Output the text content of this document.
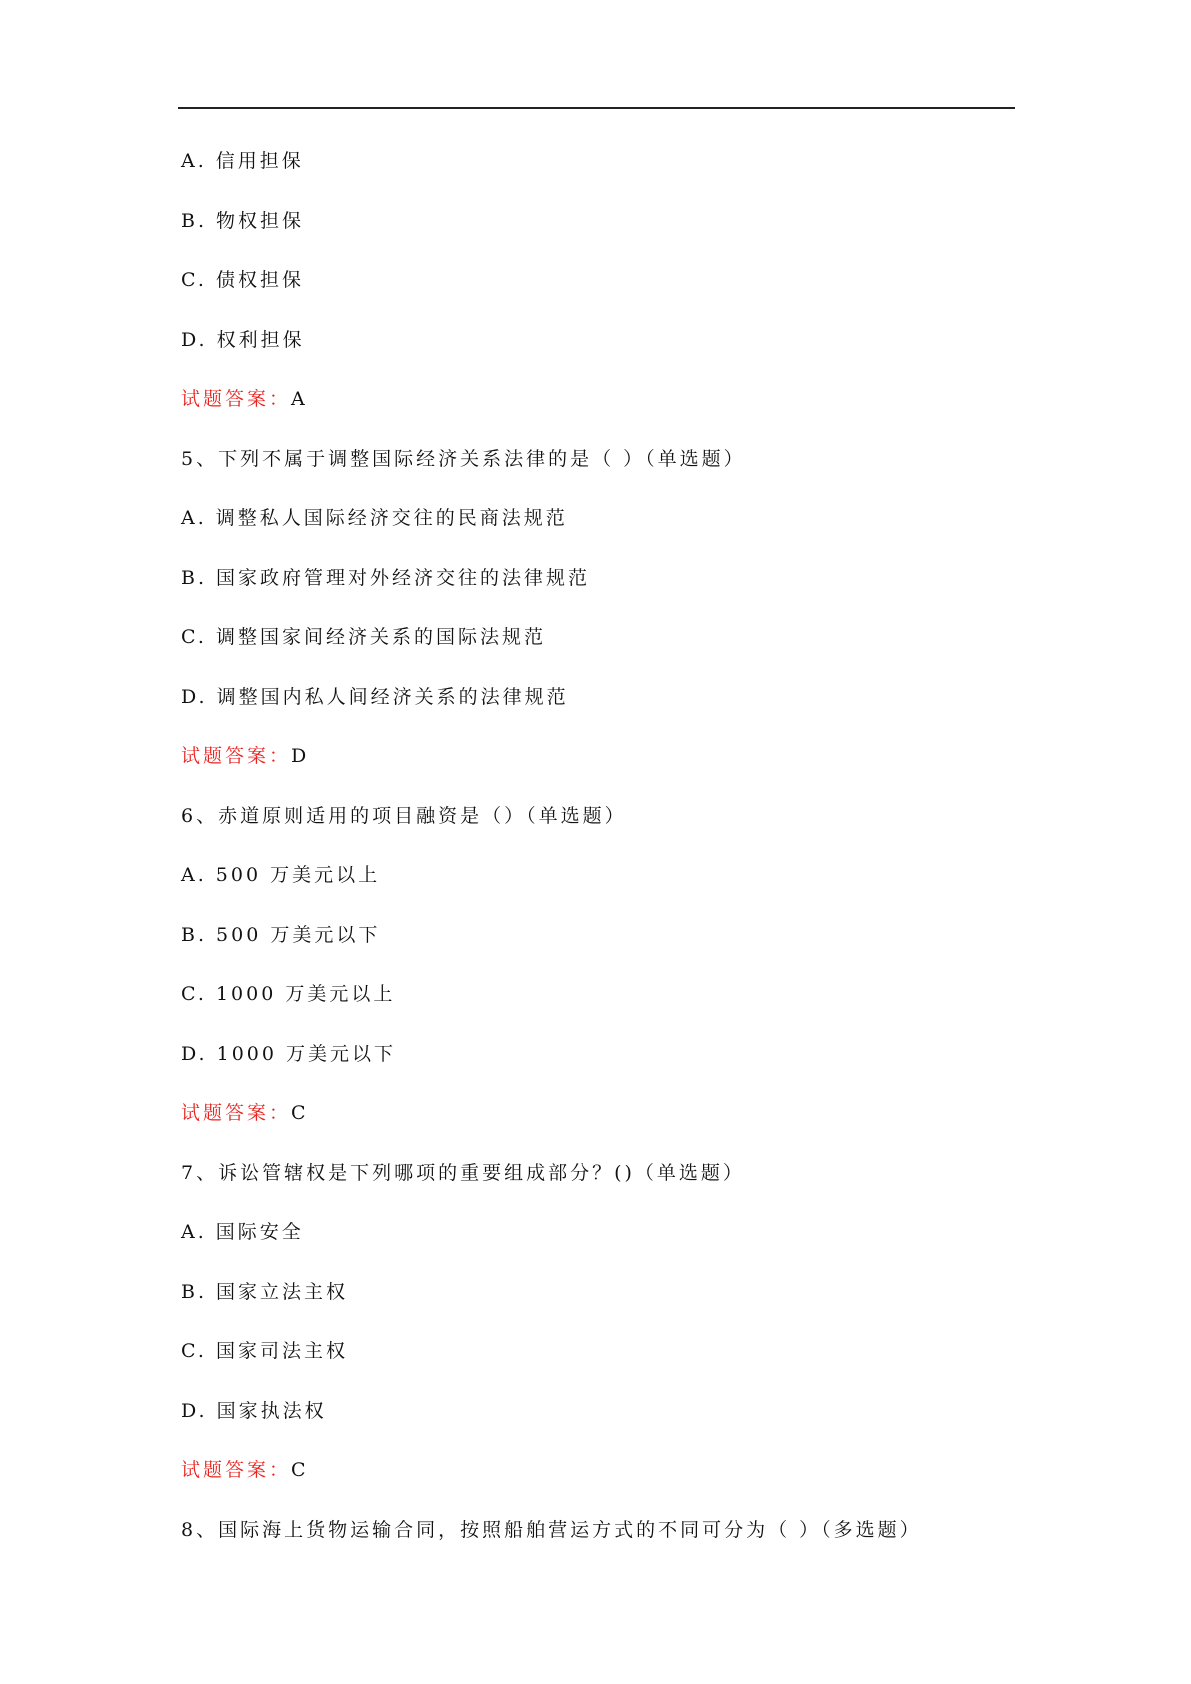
A. 信用担保
B. 物权担保
C. 债权担保
D. 权利担保
试题答案：A
5、下列不属于调整国际经济关系法律的是（ ）（单选题）
A. 调整私人国际经济交往的民商法规范
B. 国家政府管理对外经济交往的法律规范
C. 调整国家间经济关系的国际法规范
D. 调整国内私人间经济关系的法律规范
试题答案：D
6、赤道原则适用的项目融资是（）（单选题）
A. 500 万美元以上
B. 500 万美元以下
C. 1000 万美元以上
D. 1000 万美元以下
试题答案：C
7、诉讼管辖权是下列哪项的重要组成部分？()（单选题）
A. 国际安全
B. 国家立法主权
C. 国家司法主权
D. 国家执法权
试题答案：C
8、国际海上货物运输合同，按照船舶营运方式的不同可分为（ ）（多选题）
